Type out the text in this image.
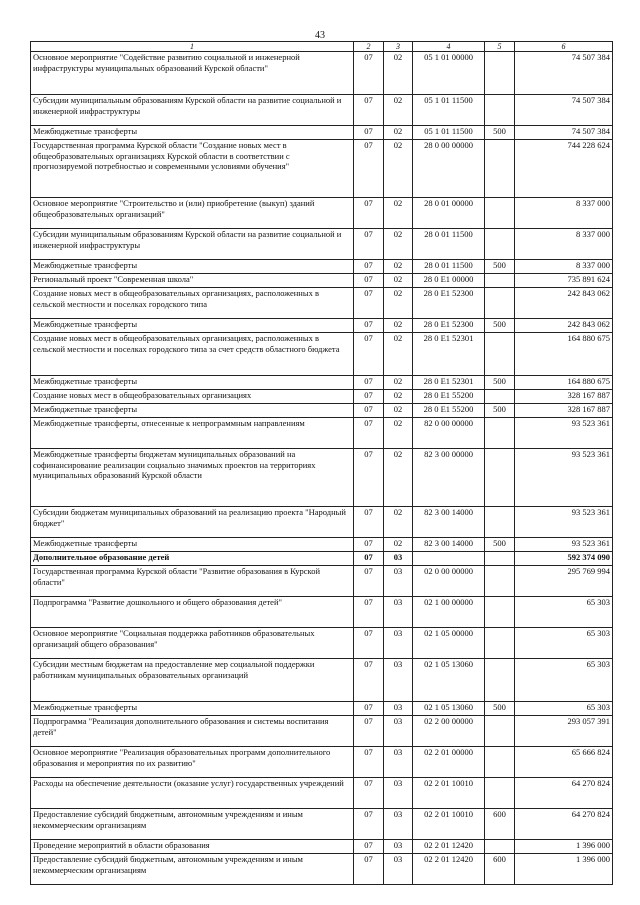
43
1	2	3	4	5	6
Основное мероприятие "Содействие развитию социальной и инженерной инфраструктуры муниципальных образований Курской области"	07	02	05 1 01 00000		74 507 384
Субсидии муниципальным образованиям Курской области на развитие социальной и инженерной инфраструктуры	07	02	05 1 01 11500		74 507 384
Межбюджетные трансферты	07	02	05 1 01 11500	500	74 507 384
Государственная программа Курской области "Создание новых мест в общеобразовательных организациях Курской области в соответствии с прогнозируемой потребностью и современными условиями обучения"	07	02	28 0 00 00000		744 228 624
Основное мероприятие "Строительство и (или) приобретение (выкуп) зданий общеобразовательных организаций"	07	02	28 0 01 00000		8 337 000
Субсидии муниципальным образованиям Курской области на развитие социальной и инженерной инфраструктуры	07	02	28 0 01 11500		8 337 000
Межбюджетные трансферты	07	02	28 0 01 11500	500	8 337 000
Региональный проект "Современная школа"	07	02	28 0 E1 00000		735 891 624
Создание новых мест в общеобразовательных организациях, расположенных в сельской местности и поселках городского типа	07	02	28 0 E1 52300		242 843 062
Межбюджетные трансферты	07	02	28 0 E1 52300	500	242 843 062
Создание новых мест в общеобразовательных организациях, расположенных в сельской местности и поселках городского типа за счет средств областного бюджета	07	02	28 0 E1 52301		164 880 675
Межбюджетные трансферты	07	02	28 0 E1 52301	500	164 880 675
Создание новых мест в общеобразовательных организациях	07	02	28 0 E1 55200		328 167 887
Межбюджетные трансферты	07	02	28 0 E1 55200	500	328 167 887
Межбюджетные трансферты, отнесенные к непрограммным направлениям	07	02	82 0 00 00000		93 523 361
Межбюджетные трансферты бюджетам муниципальных образований на софинансирование реализации социально значимых проектов на территориях муниципальных образований Курской области	07	02	82 3 00 00000		93 523 361
Субсидии бюджетам муниципальных образований на реализацию проекта "Народный бюджет"	07	02	82 3 00 14000		93 523 361
Межбюджетные трансферты	07	02	82 3 00 14000	500	93 523 361
Дополнительное образование детей	07	03			592 374 090
Государственная программа Курской области "Развитие образования в Курской области"	07	03	02 0 00 00000		295 769 994
Подпрограмма "Развитие дошкольного и общего образования детей"	07	03	02 1 00 00000		65 303
Основное мероприятие "Социальная поддержка работников образовательных организаций общего образования"	07	03	02 1 05 00000		65 303
Субсидии местным бюджетам на предоставление мер социальной поддержки работникам муниципальных образовательных организаций	07	03	02 1 05 13060		65 303
Межбюджетные трансферты	07	03	02 1 05 13060	500	65 303
Подпрограмма "Реализация дополнительного образования и системы воспитания детей"	07	03	02 2 00 00000		293 057 391
Основное мероприятие "Реализация образовательных программ дополнительного образования и мероприятия по их развитию"	07	03	02 2 01 00000		65 666 824
Расходы на обеспечение деятельности (оказание услуг) государственных учреждений	07	03	02 2 01 10010		64 270 824
Предоставление субсидий бюджетным, автономным учреждениям и иным некоммерческим организациям	07	03	02 2 01 10010	600	64 270 824
Проведение мероприятий в области образования	07	03	02 2 01 12420		1 396 000
Предоставление субсидий бюджетным, автономным учреждениям и иным некоммерческим организациям	07	03	02 2 01 12420	600	1 396 000
